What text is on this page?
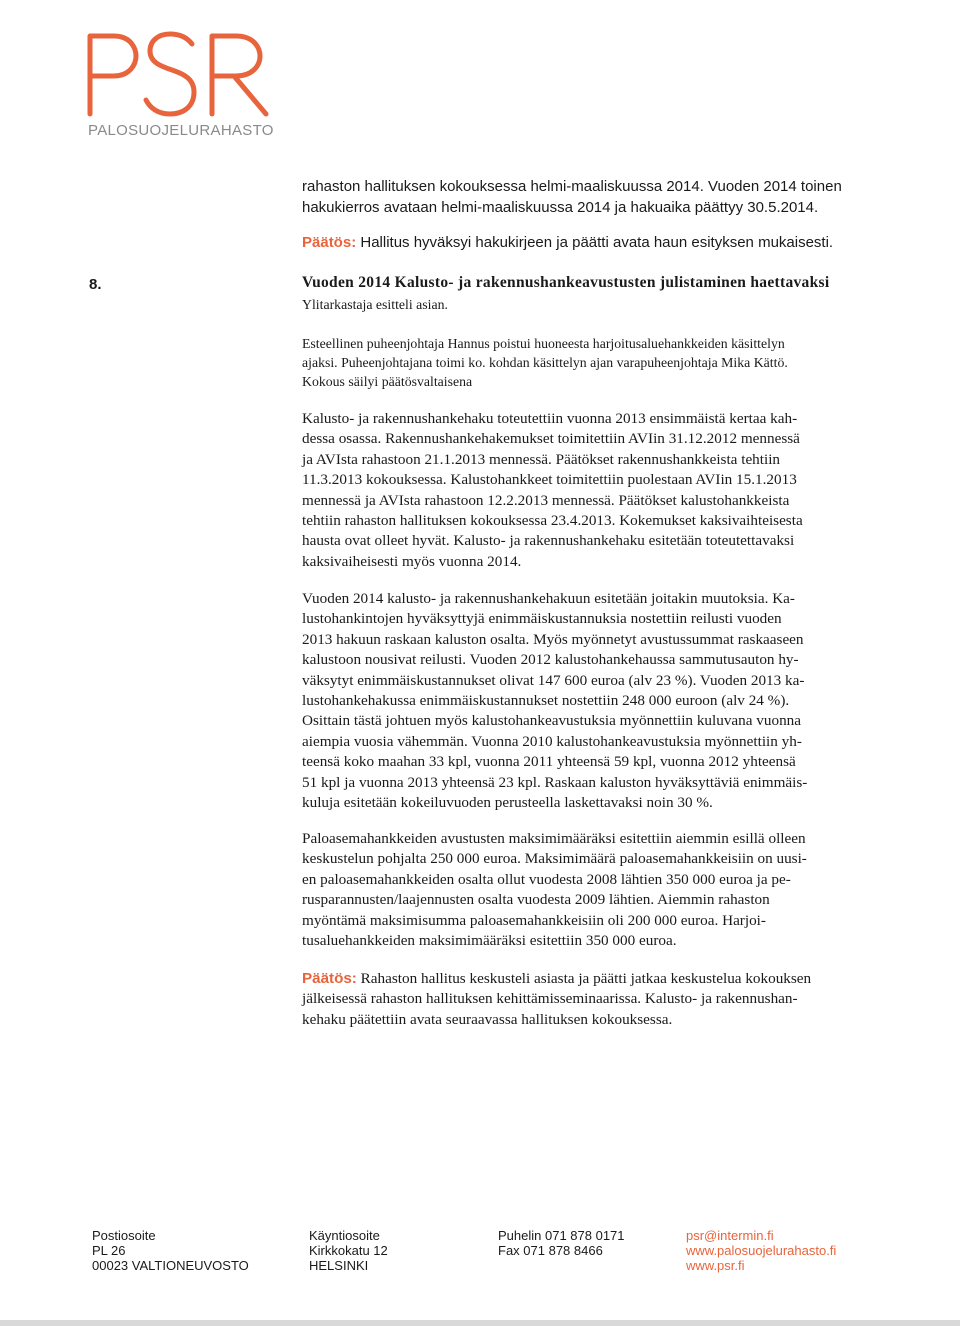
PALOSUOJELURAHASTO
rahaston hallituksen kokouksessa helmi-maaliskuussa 2014. Vuoden 2014 toinen
hakukierros avataan helmi-maaliskuussa 2014 ja hakuaika päättyy 30.5.2014.
Päätös: Hallitus hyväksyi hakukirjeen ja päätti avata haun esityksen mukaisesti.
8.	Vuoden 2014 Kalusto- ja rakennushankeavustusten julistaminen haettavaksi
Ylitarkastaja esitteli asian.
Esteellinen puheenjohtaja Hannus poistui huoneesta harjoitusaluehankkeiden käsittelyn
ajaksi. Puheenjohtajana toimi ko. kohdan käsittelyn ajan varapuheenjohtaja Mika Kättö.
Kokous säilyi päätösvaltaisena
Kalusto- ja rakennushankehaku toteutettiin vuonna 2013 ensimmäistä kertaa kah-
dessa osassa. Rakennushankehakemukset toimitettiin AVIin 31.12.2012 mennessä
ja AVIsta rahastoon 21.1.2013 mennessä. Päätökset rakennushankkeista tehtiin
11.3.2013 kokouksessa. Kalustohankkeet toimitettiin puolestaan AVIin 15.1.2013
mennessä ja AVIsta rahastoon 12.2.2013 mennessä. Päätökset kalustohankkeista
tehtiin rahaston hallituksen kokouksessa 23.4.2013. Kokemukset kaksivaihteisesta
hausta ovat olleet hyvät. Kalusto- ja rakennushankehaku esitetään toteutettavaksi
kaksivaiheisesti myös vuonna 2014.
Vuoden 2014 kalusto- ja rakennushankehakuun esitetään joitakin muutoksia. Ka-
lustohankintojen hyväksyttyjä enimmäiskustannuksia nostettiin reilusti vuoden
2013 hakuun raskaan kaluston osalta. Myös myönnetyt avustussummat raskaaseen
kalustoon nousivat reilusti. Vuoden 2012 kalustohankehaussa sammutusauton hy-
väksytyt enimmäiskustannukset olivat 147 600 euroa (alv 23 %). Vuoden 2013 ka-
lustohankehakussa enimmäiskustannukset nostettiin 248 000 euroon (alv 24 %).
Osittain tästä johtuen myös kalustohankeavustuksia myönnettiin kuluvana vuonna
aiempia vuosia vähemmän. Vuonna 2010 kalustohankeavustuksia myönnettiin yh-
teensä koko maahan 33 kpl, vuonna 2011 yhteensä 59 kpl, vuonna 2012 yhteensä
51 kpl ja vuonna 2013 yhteensä 23 kpl. Raskaan kaluston hyväksyttäviä enimmäis-
kuluja esitetään kokeiluvuoden perusteella laskettavaksi noin 30 %.
Paloasemahankkeiden avustusten maksimimääräksi esitettiin aiemmin esillä olleen
keskustelun pohjalta 250 000 euroa. Maksimimäärä paloasemahankkeisiin on uusi-
en paloasemahankkeiden osalta ollut vuodesta 2008 lähtien 350 000 euroa ja pe-
rusparannusten/laajennusten osalta vuodesta 2009 lähtien. Aiemmin rahaston
myöntämä maksimisumma paloasemahankkeisiin oli 200 000 euroa. Harjoi-
tusaluehankkeiden maksimimääräksi esitettiin 350 000 euroa.
Päätös: Rahaston hallitus keskusteli asiasta ja päätti jatkaa keskustelua kokouksen
jälkeisessä rahaston hallituksen kehittämisseminaarissa. Kalusto- ja rakennushan-
kehaku päätettiin avata seuraavassa hallituksen kokouksessa.
Postiosoite
PL 26
00023 VALTIONEUVOSTO
Käyntiosoite
Kirkkokatu 12
HELSINKI
Puhelin 071 878 0171
Fax 071 878 8466
psr@intermin.fi
www.palosuojelurahasto.fi
www.psr.fi
